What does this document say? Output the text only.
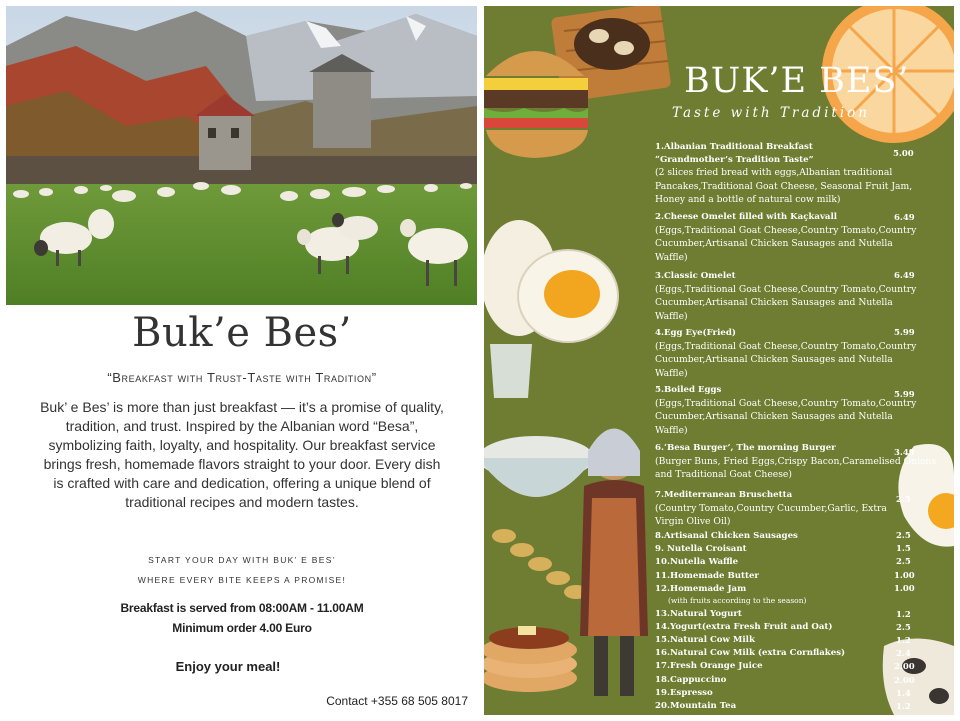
Buk’e Bes’
“Breakfast with Trust-Taste with Tradition”
Buk’ e Bes’ is more than just breakfast — it’s a promise of quality, tradition, and trust. Inspired by the Albanian word “Besa”, symbolizing faith, loyalty, and hospitality. Our breakfast service brings fresh, homemade flavors straight to your door. Every dish is crafted with care and dedication, offering a unique blend of traditional recipes and modern tastes.
START YOUR DAY WITH BUK’ E BES’
WHERE EVERY BITE KEEPS A PROMISE!
Breakfast is served from 08:00AM - 11.00AM
Minimum order 4.00 Euro
Enjoy your meal!
Contact +355 68 505 8017
BUK’E BES’
Taste with Tradition
1.Albanian Traditional Breakfast
“Grandmother’s Tradition Taste”
(2 slices fried bread with eggs,Albanian traditional Pancakes,Traditional Goat Cheese, Seasonal Fruit Jam, Honey and a bottle of natural cow milk)
5.00
2.Cheese Omelet filled with Kaçkavall
(Eggs,Traditional Goat Cheese,Country Tomato,Country Cucumber,Artisanal Chicken Sausages and Nutella Waffle)
6.49
3.Classic Omelet
(Eggs,Traditional Goat Cheese,Country Tomato,Country Cucumber,Artisanal Chicken Sausages and Nutella Waffle)
6.49
4.Egg Eye(Fried)
(Eggs,Traditional Goat Cheese,Country Tomato,Country Cucumber,Artisanal Chicken Sausages and Nutella Waffle)
5.99
5.Boiled Eggs
(Eggs,Traditional Goat Cheese,Country Tomato,Country Cucumber,Artisanal Chicken Sausages and Nutella Waffle)
5.99
6.‘Besa Burger’, The morning Burger
(Burger Buns, Fried Eggs,Crispy Bacon,Caramelised Onions and Traditional Goat Cheese)
3.49
7.Mediterranean Bruschetta
(Country Tomato,Country Cucumber,Garlic, Extra Virgin Olive Oil)
2.5
8.Artisanal Chicken Sausages	2.5
9. Nutella Croisant	1.5
10.Nutella Waffle	2.5
11.Homemade Butter	1.00
12.Homemade Jam	1.00
(with fruits according to the season)
13.Natural Yogurt	1.2
14.Yogurt(extra Fresh Fruit and Oat)	2.5
15.Natural Cow Milk	1.2
16.Natural Cow Milk (extra Cornflakes)	2.4
17.Fresh Orange Juice	2.00
18.Cappuccino	2.00
19.Espresso	1.4
20.Mountain Tea	1.2
